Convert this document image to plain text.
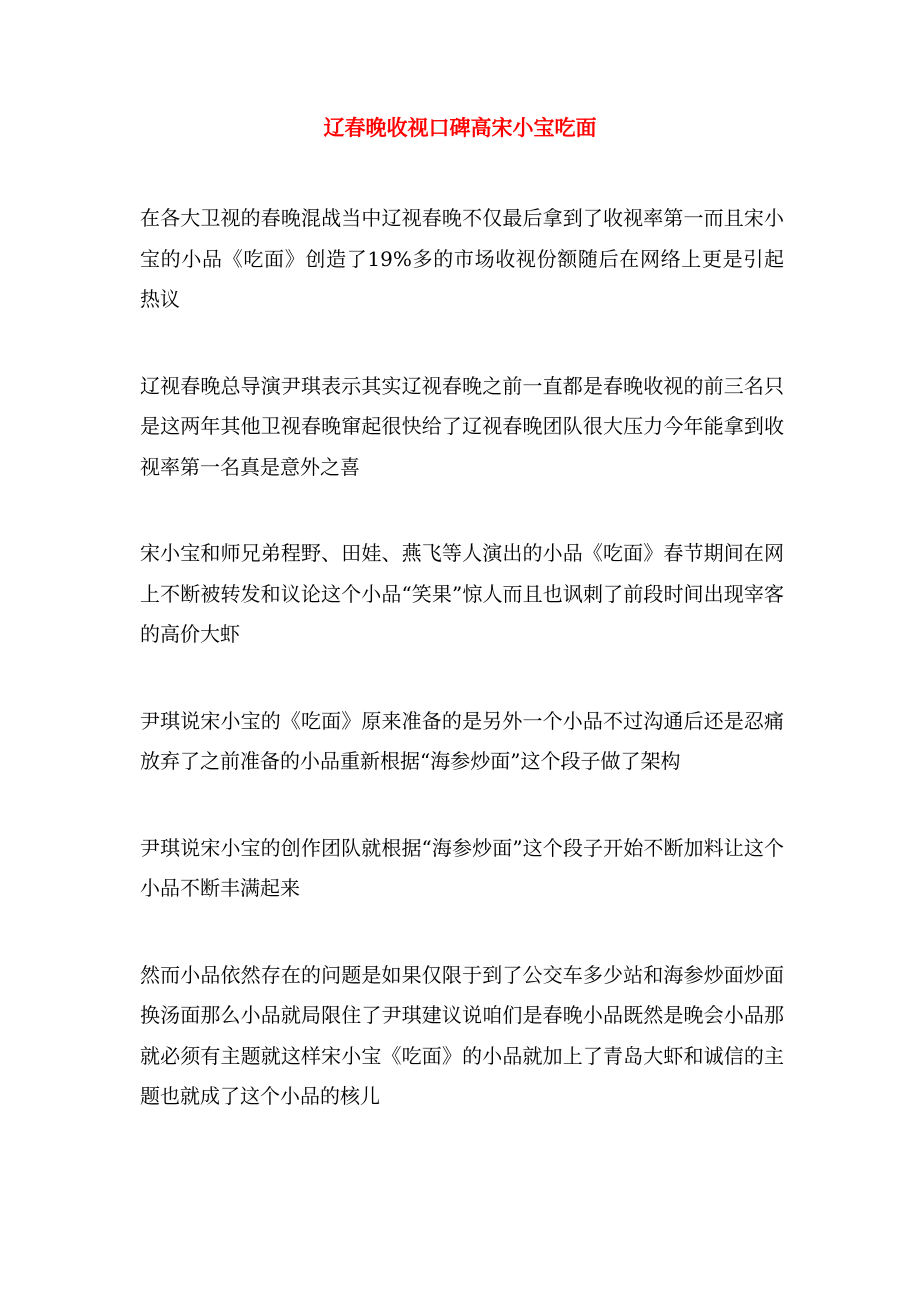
辽春晚收视口碑高宋小宝吃面

在各大卫视的春晚混战当中辽视春晚不仅最后拿到了收视率第一而且宋小宝的小品《吃面》创造了19%多的市场收视份额随后在网络上更是引起热议

辽视春晚总导演尹琪表示其实辽视春晚之前一直都是春晚收视的前三名只是这两年其他卫视春晚窜起很快给了辽视春晚团队很大压力今年能拿到收视率第一名真是意外之喜

宋小宝和师兄弟程野、田娃、燕飞等人演出的小品《吃面》春节期间在网上不断被转发和议论这个小品“笑果”惊人而且也讽刺了前段时间出现宰客的高价大虾

尹琪说宋小宝的《吃面》原来准备的是另外一个小品不过沟通后还是忍痛放弃了之前准备的小品重新根据“海参炒面”这个段子做了架构

尹琪说宋小宝的创作团队就根据“海参炒面”这个段子开始不断加料让这个小品不断丰满起来

然而小品依然存在的问题是如果仅限于到了公交车多少站和海参炒面炒面换汤面那么小品就局限住了尹琪建议说咱们是春晚小品既然是晚会小品那就必须有主题就这样宋小宝《吃面》的小品就加上了青岛大虾和诚信的主题也就成了这个小品的核儿
